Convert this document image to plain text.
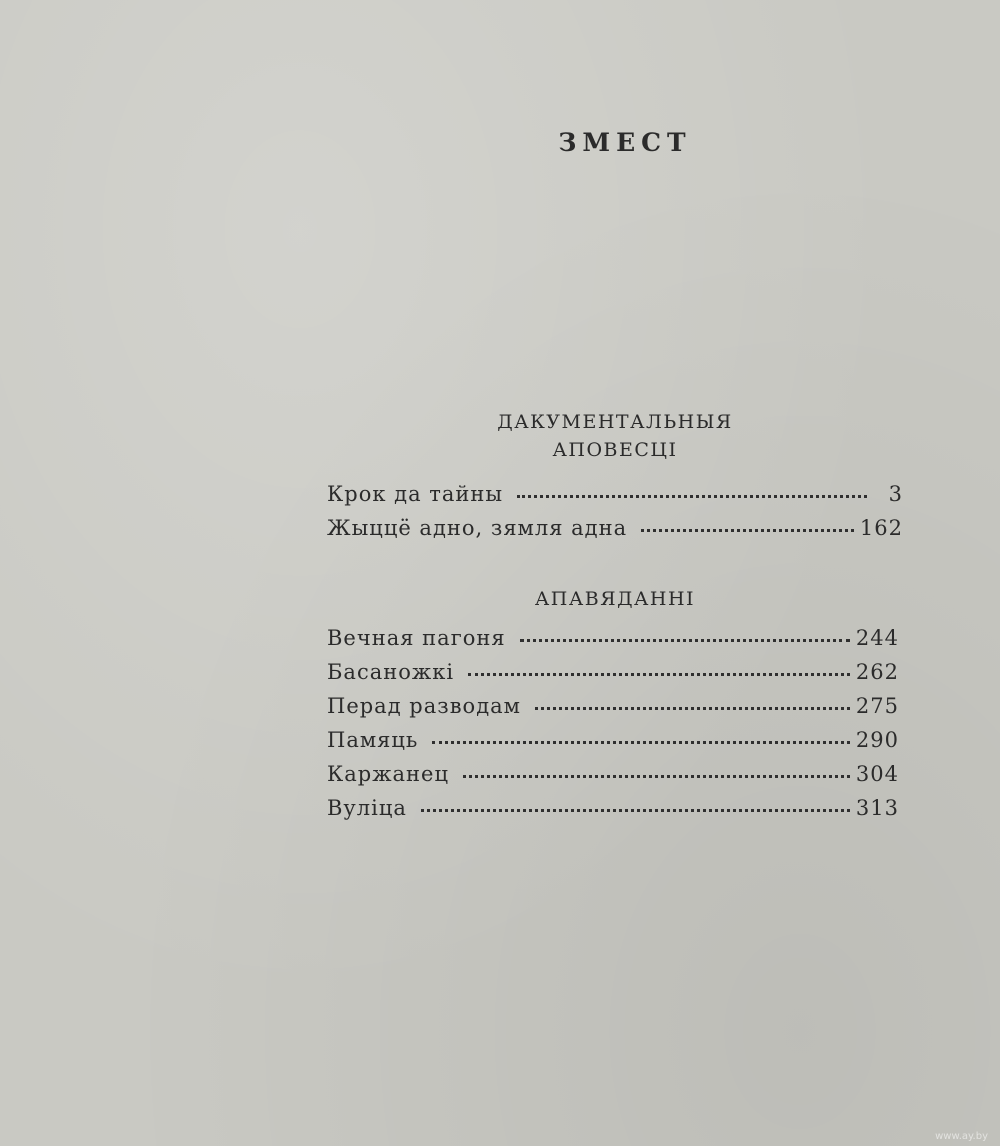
ЗМЕСТ
ДАКУМЕНТАЛЬНЫЯ
АПОВЕСЦІ
Крок да тайны	3
Жыццё адно, зямля адна	162
АПАВЯДАННІ
Вечная пагоня	244
Басаножкі	262
Перад разводам	275
Памяць	290
Каржанец	304
Вуліца	313
www.ay.by
